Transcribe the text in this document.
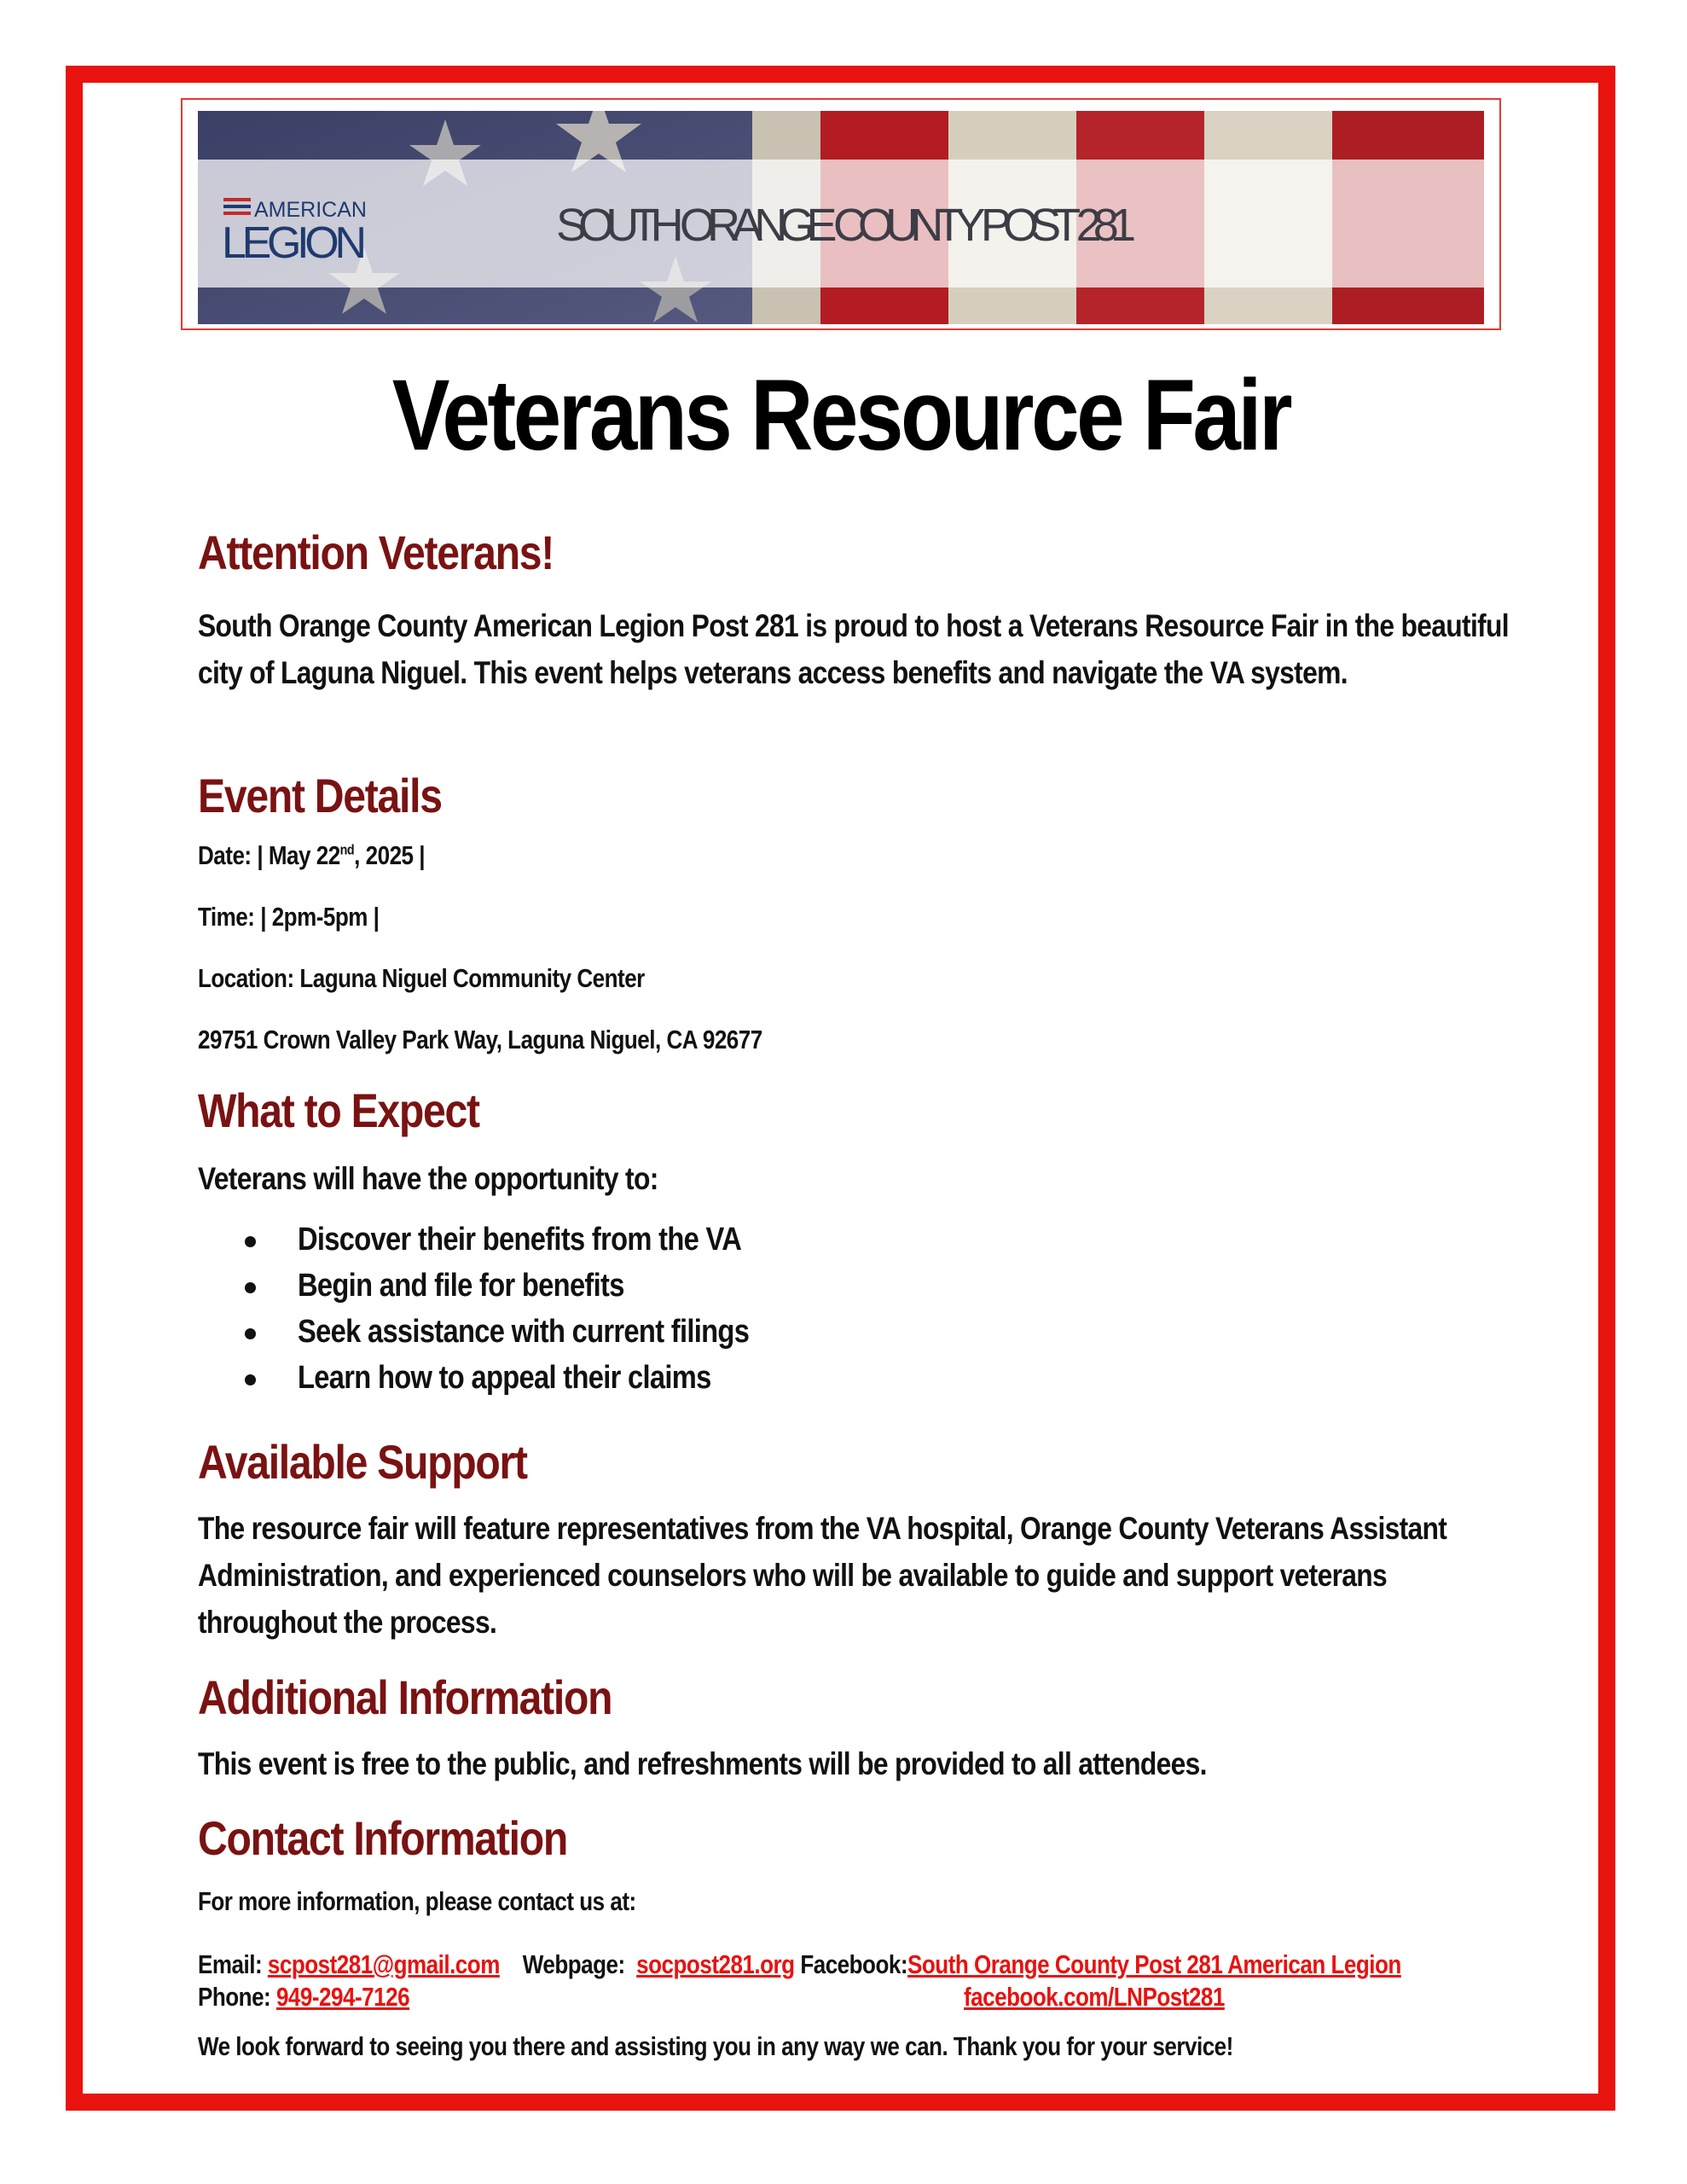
AMERICAN
LEGION	SOUTH ORANGE COUNTY POST 281
Veterans Resource Fair
Attention Veterans!
South Orange County American Legion Post 281 is proud to host a Veterans Resource Fair in the beautiful city of Laguna Niguel. This event helps veterans access benefits and navigate the VA system.
Event Details
Date: | May 22nd, 2025 |
Time: | 2pm-5pm |
Location: Laguna Niguel Community Center
29751 Crown Valley Park Way, Laguna Niguel, CA 92677
What to Expect
Veterans will have the opportunity to:
Discover their benefits from the VA
Begin and file for benefits
Seek assistance with current filings
Learn how to appeal their claims
Available Support
The resource fair will feature representatives from the VA hospital, Orange County Veterans Assistant Administration, and experienced counselors who will be available to guide and support veterans throughout the process.
Additional Information
This event is free to the public, and refreshments will be provided to all attendees.
Contact Information
For more information, please contact us at:
Email: scpost281@gmail.com Webpage: socpost281.org Facebook:South Orange County Post 281 American Legion
Phone: 949-294-7126	facebook.com/LNPost281
We look forward to seeing you there and assisting you in any way we can. Thank you for your service!
